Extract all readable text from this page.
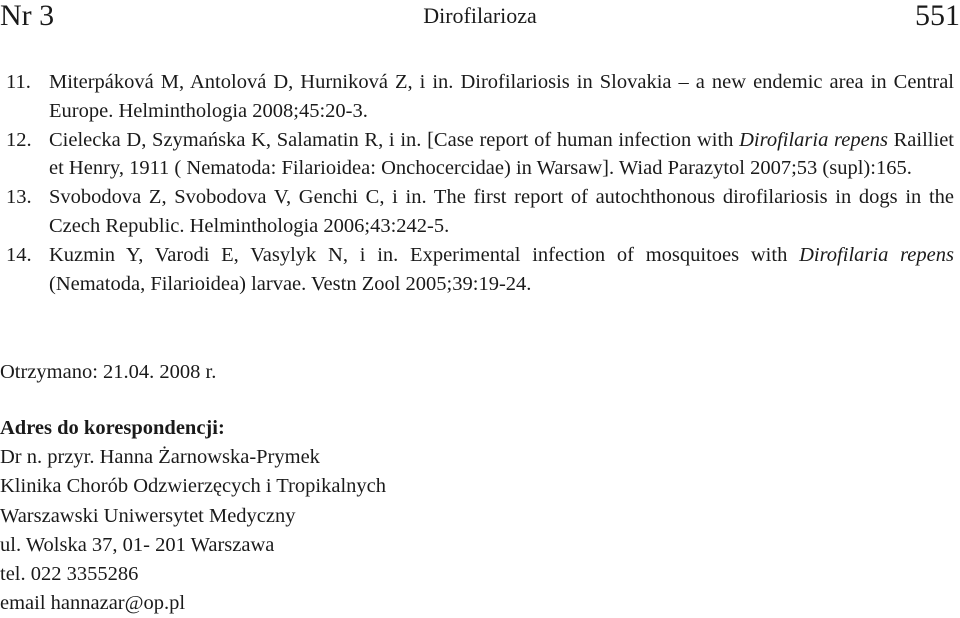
Nr 3	Dirofilarioza	551
11. Miterpáková M, Antolová D, Hurniková Z, i in. Dirofilariosis in Slovakia – a new endemic area in Central Europe. Helminthologia 2008;45:20-3.
12. Cielecka D, Szymańska K, Salamatin R, i in. [Case report of human infection with Dirofilaria repens Railliet et Henry, 1911 ( Nematoda: Filarioidea: Onchocercidae) in Warsaw]. Wiad Parazytol 2007;53 (supl):165.
13. Svobodova Z, Svobodova V, Genchi C, i in. The first report of autochthonous dirofilariosis in dogs in the Czech Republic. Helminthologia 2006;43:242-5.
14. Kuzmin Y, Varodi E, Vasylyk N, i in. Experimental infection of mosquitoes with Dirofilaria repens (Nematoda, Filarioidea) larvae. Vestn Zool 2005;39:19-24.
Otrzymano: 21.04. 2008 r.
Adres do korespondencji:
Dr n. przyr. Hanna Żarnowska-Prymek
Klinika Chorób Odzwierzęcych i Tropikalnych
Warszawski Uniwersytet Medyczny
ul. Wolska 37, 01- 201 Warszawa
tel. 022 3355286
email hannazar@op.pl
